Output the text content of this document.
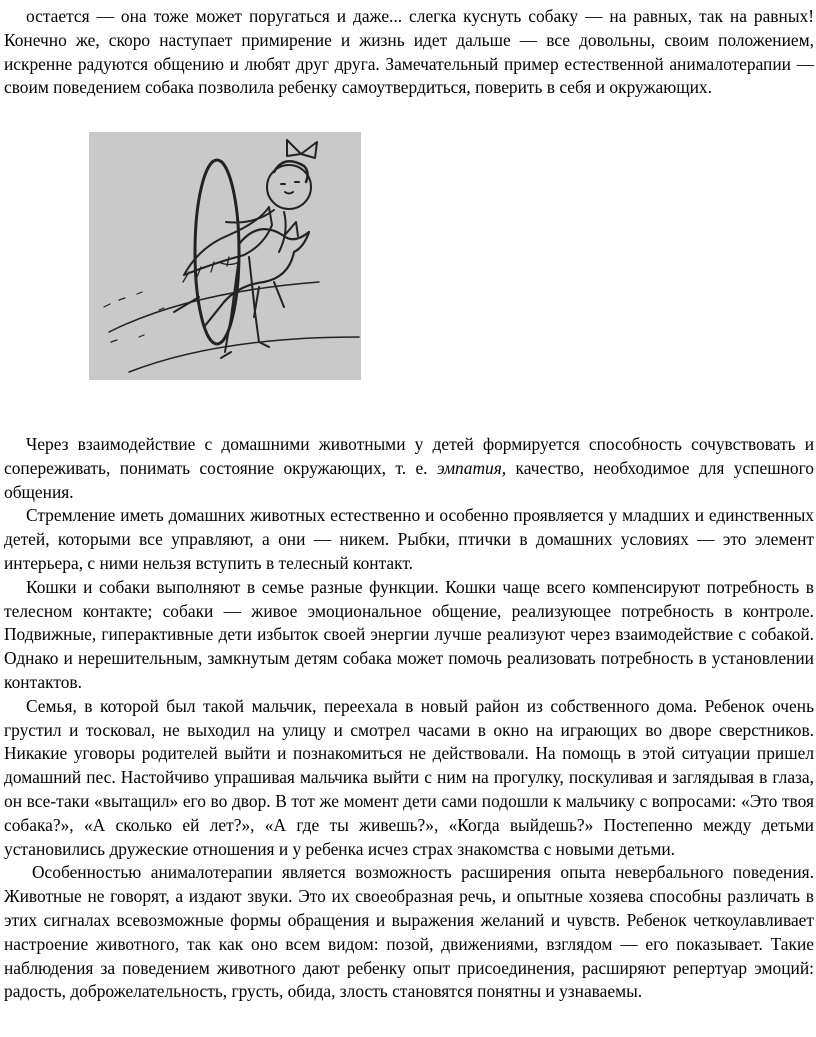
остается — она тоже может поругаться и даже... слегка куснуть собаку — на равных, так на равных! Конечно же, скоро наступает примирение и жизнь идет дальше — все довольны, своим положением, искренне радуются общению и любят друг друга. Замечательный пример естественной анималотерапии — своим поведением собака позволила ребенку самоутвердиться, поверить в себя и окружающих.

Через взаимодействие с домашними животными у детей формируется способность сочувствовать и сопереживать, понимать состояние окружающих, т. е. эмпатия, качество, необходимое для успешного общения.

Стремление иметь домашних животных естественно и особенно проявляется у младших и единственных детей, которыми все управляют, а они — никем. Рыбки, птички в домашних условиях — это элемент интерьера, с ними нельзя вступить в телесный контакт.

Кошки и собаки выполняют в семье разные функции. Кошки чаще всего компенсируют потребность в телесном контакте; собаки — живое эмоциональное общение, реализующее потребность в контроле. Подвижные, гиперактивные дети избыток своей энергии лучше реализуют через взаимодействие с собакой. Однако и нерешительным, замкнутым детям собака может помочь реализовать потребность в установлении контактов.

Семья, в которой был такой мальчик, переехала в новый район из собственного дома. Ребенок очень грустил и тосковал, не выходил на улицу и смотрел часами в окно на играющих во дворе сверстников. Никакие уговоры родителей выйти и познакомиться не действовали. На помощь в этой ситуации пришел домашний пес. Настойчиво упрашивая мальчика выйти с ним на прогулку, поскуливая и заглядывая в глаза, он все-таки «вытащил» его во двор. В тот же момент дети сами подошли к мальчику с вопросами: «Это твоя собака?», «А сколько ей лет?», «А где ты живешь?», «Когда выйдешь?» Постепенно между детьми установились дружеские отношения и у ребенка исчез страх знакомства с новыми детьми.

Особенностью анималотерапии является возможность расширения опыта невербального поведения. Животные не говорят, а издают звуки. Это их своеобразная речь, и опытные хозяева способны различать в этих сигналах всевозможные формы обращения и выражения желаний и чувств. Ребенок четкоулавливает настроение животного, так как оно всем видом: позой, движениями, взглядом — его показывает. Такие наблюдения за поведением животного дают ребенку опыт присоединения, расширяют репертуар эмоций: радость, доброжелательность, грусть, обида, злость становятся понятны и узнаваемы.
